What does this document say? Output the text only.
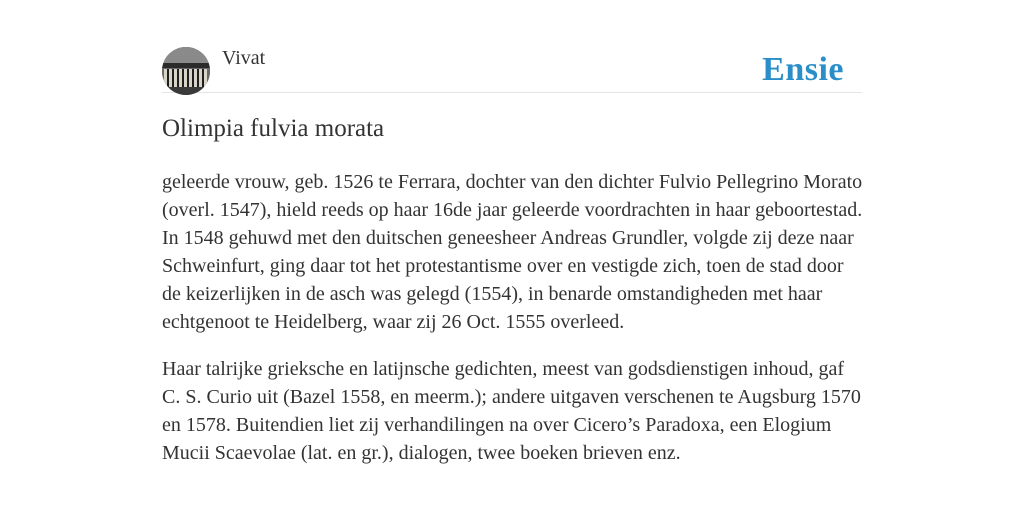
Vivat	Ensie
Olimpia fulvia morata

geleerde vrouw, geb. 1526 te Ferrara, dochter van den dichter Fulvio Pellegrino Morato (overl. 1547), hield reeds op haar 16de jaar geleerde voordrachten in haar geboortestad. In 1548 gehuwd met den duitschen geneesheer Andreas Grundler, volgde zij deze naar Schweinfurt, ging daar tot het protestantisme over en vestigde zich, toen de stad door de keizerlijken in de asch was gelegd (1554), in benarde omstandigheden met haar echtgenoot te Heidelberg, waar zij 26 Oct. 1555 overleed.

Haar talrijke grieksche en latijnsche gedichten, meest van godsdienstigen inhoud, gaf C. S. Curio uit (Bazel 1558, en meerm.); andere uitgaven verschenen te Augsburg 1570 en 1578. Buitendien liet zij verhandilingen na over Cicero’s Paradoxa, een Elogium Mucii Scaevolae (lat. en gr.), dialogen, twee boeken brieven enz.
